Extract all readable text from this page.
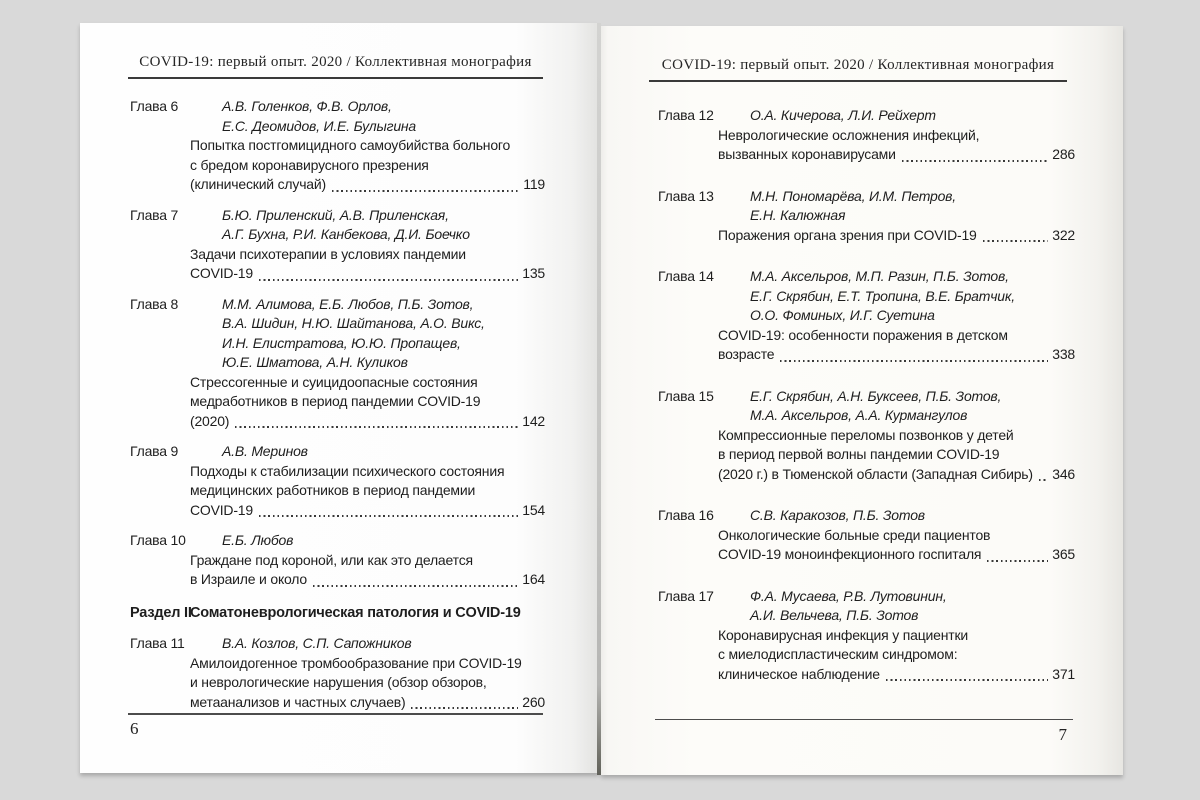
COVID-19: первый опыт. 2020 / Коллективная монография
Глава 6	А.В. Голенков, Ф.В. Орлов,
Е.С. Деомидов, И.Е. Булыгина
Попытка постгомицидного самоубийства больного
с бредом коронавирусного презрения
(клинический случай)	119
Глава 7	Б.Ю. Приленский, А.В. Приленская,
А.Г. Бухна, Р.И. Канбекова, Д.И. Боечко
Задачи психотерапии в условиях пандемии
COVID-19	135
Глава 8	М.М. Алимова, Е.Б. Любов, П.Б. Зотов,
В.А. Шидин, Н.Ю. Шайтанова, А.О. Викс,
И.Н. Елистратова, Ю.Ю. Пропащев,
Ю.Е. Шматова, А.Н. Куликов
Стрессогенные и суицидоопасные состояния
медработников в период пандемии COVID-19
(2020)	142
Глава 9	А.В. Меринов
Подходы к стабилизации психического состояния
медицинских работников в период пандемии
COVID-19	154
Глава 10	Е.Б. Любов
Граждане под короной, или как это делается
в Израиле и около	164
Раздел II
Соматоневрологическая патология и COVID-19
Глава 11	В.А. Козлов, С.П. Сапожников
Амилоидогенное тромбообразование при COVID-19
и неврологические нарушения (обзор обзоров,
метаанализов и частных случаев)	260
6
COVID-19: первый опыт. 2020 / Коллективная монография
Глава 12	О.А. Кичерова, Л.И. Рейхерт
Неврологические осложнения инфекций,
вызванных коронавирусами	286
Глава 13	М.Н. Пономарёва, И.М. Петров,
Е.Н. Калюжная
Поражения органа зрения при COVID-19	322
Глава 14	М.А. Аксельров, М.П. Разин, П.Б. Зотов,
Е.Г. Скрябин, Е.Т. Тропина, В.Е. Братчик,
О.О. Фоминых, И.Г. Суетина
COVID-19: особенности поражения в детском
возрасте	338
Глава 15	Е.Г. Скрябин, А.Н. Буксеев, П.Б. Зотов,
М.А. Аксельров, А.А. Курмангулов
Компрессионные переломы позвонков у детей
в период первой волны пандемии COVID-19
(2020 г.) в Тюменской области (Западная Сибирь) 346
Глава 16	С.В. Каракозов, П.Б. Зотов
Онкологические больные среди пациентов
COVID-19 моноинфекционного госпиталя	365
Глава 17	Ф.А. Мусаева, Р.В. Лутовинин,
А.И. Вельчева, П.Б. Зотов
Коронавирусная инфекция у пациентки
с миелодиспластическим синдромом:
клиническое наблюдение	371
7
